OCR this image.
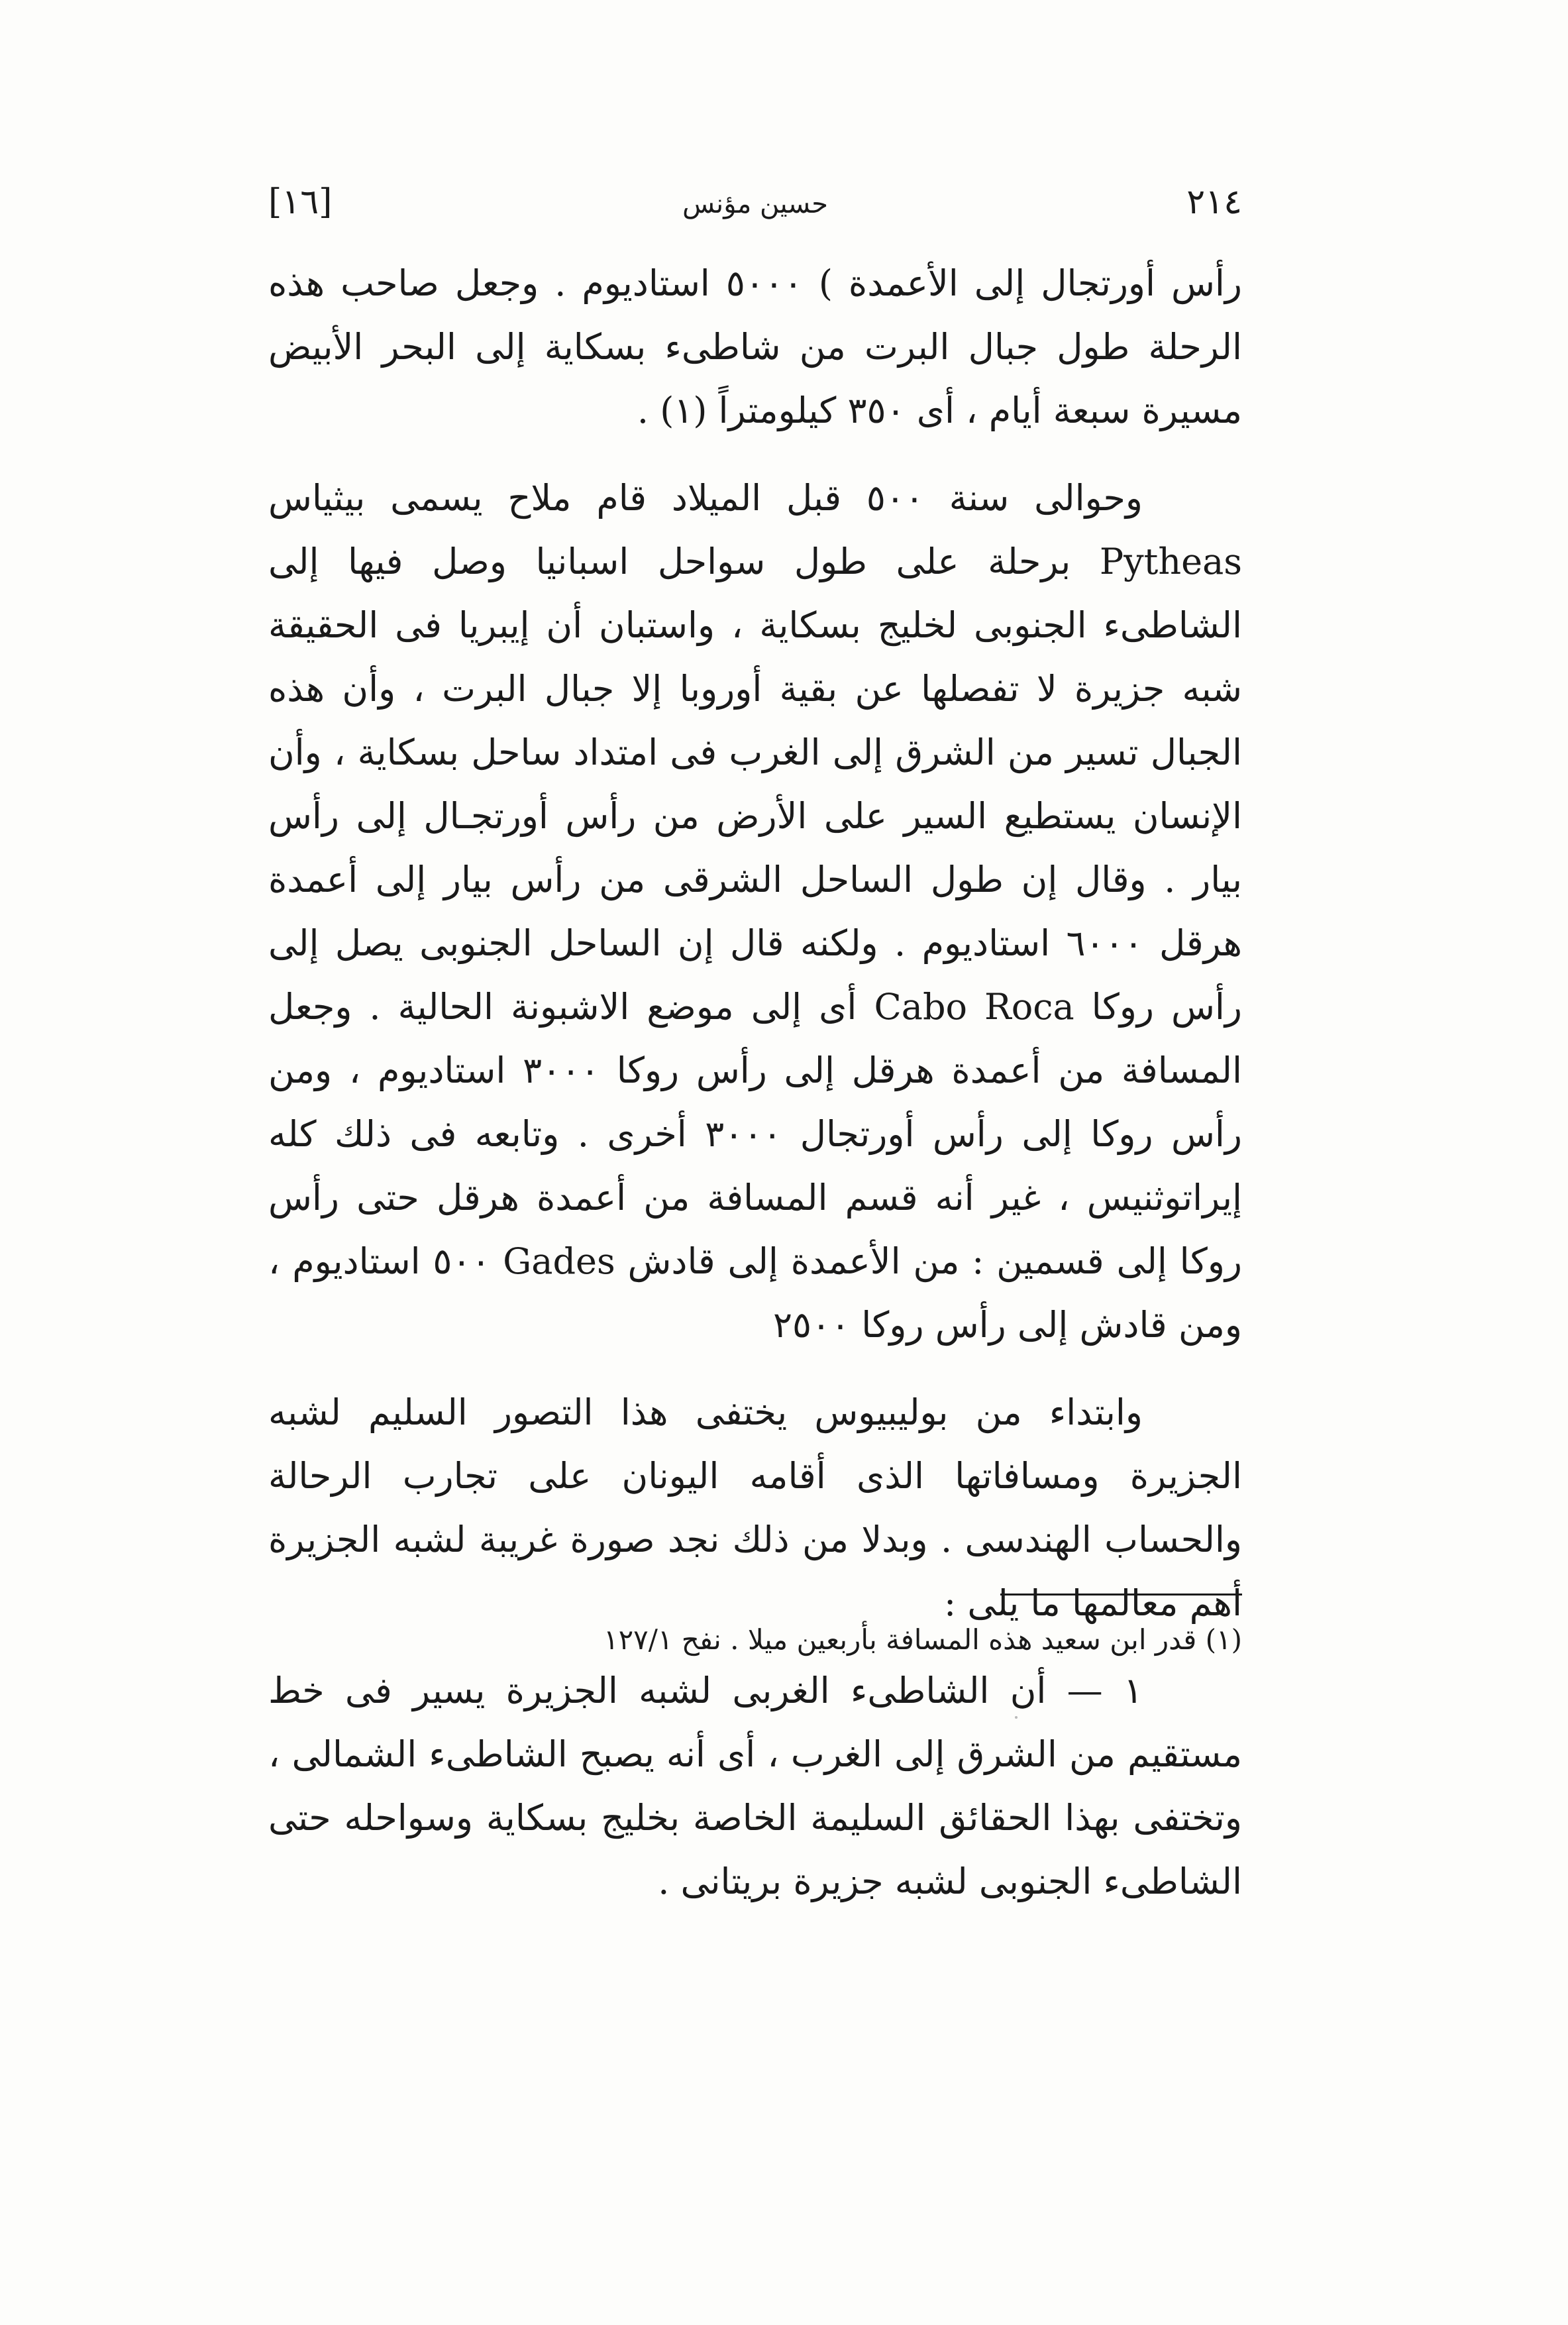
[١٦]	حسين مؤنس	٢١٤

رأس أورتجال إلى الأعمدة ) ٥٠٠٠ استاديوم . وجعل صاحب هذه الرحلة طول جبال البرت من شاطىء بسكاية إلى البحر الأبيض مسيرة سبعة أيام ، أى ٣٥٠ كيلومتراً (١) .

وحوالى سنة ٥٠٠ قبل الميلاد قام ملاح يسمى بيثياس Pytheas برحلة على طول سواحل اسبانيا وصل فيها إلى الشاطىء الجنوبى لخليج بسكاية ، واستبان أن إيبريا فى الحقيقة شبه جزيرة لا تفصلها عن بقية أوروبا إلا جبال البرت ، وأن هذه الجبال تسير من الشرق إلى الغرب فى امتداد ساحل بسكاية ، وأن الإنسان يستطيع السير على الأرض من رأس أورتجـال إلى رأس بيار . وقال إن طول الساحل الشرقى من رأس بيار إلى أعمدة هرقل ٦٠٠٠ استاديوم . ولكنه قال إن الساحل الجنوبى يصل إلى رأس روكا Cabo Roca أى إلى موضع الاشبونة الحالية . وجعل المسافة من أعمدة هرقل إلى رأس روكا ٣٠٠٠ استاديوم ، ومن رأس روكا إلى رأس أورتجال ٣٠٠٠ أخرى . وتابعه فى ذلك كله إيراتوثنيس ، غير أنه قسم المسافة من أعمدة هرقل حتى رأس روكا إلى قسمين : من الأعمدة إلى قادش Gades ٥٠٠ استاديوم ، ومن قادش إلى رأس روكا ٢٥٠٠

وابتداء من بوليبيوس يختفى هذا التصور السليم لشبه الجزيرة ومسافاتها الذى أقامه اليونان على تجارب الرحالة والحساب الهندسى . وبدلا من ذلك نجد صورة غريبة لشبه الجزيرة أهم معالمها ما يلى :

١ — أن الشاطىء الغربى لشبه الجزيرة يسير فى خط مستقيم من الشرق إلى الغرب ، أى أنه يصبح الشاطىء الشمالى ، وتختفى بهذا الحقائق السليمة الخاصة بخليج بسكاية وسواحله حتى الشاطىء الجنوبى لشبه جزيرة بريتانى .

(١) قدر ابن سعيد هذه المسافة بأربعين ميلا . نفح ١٢٧/١
